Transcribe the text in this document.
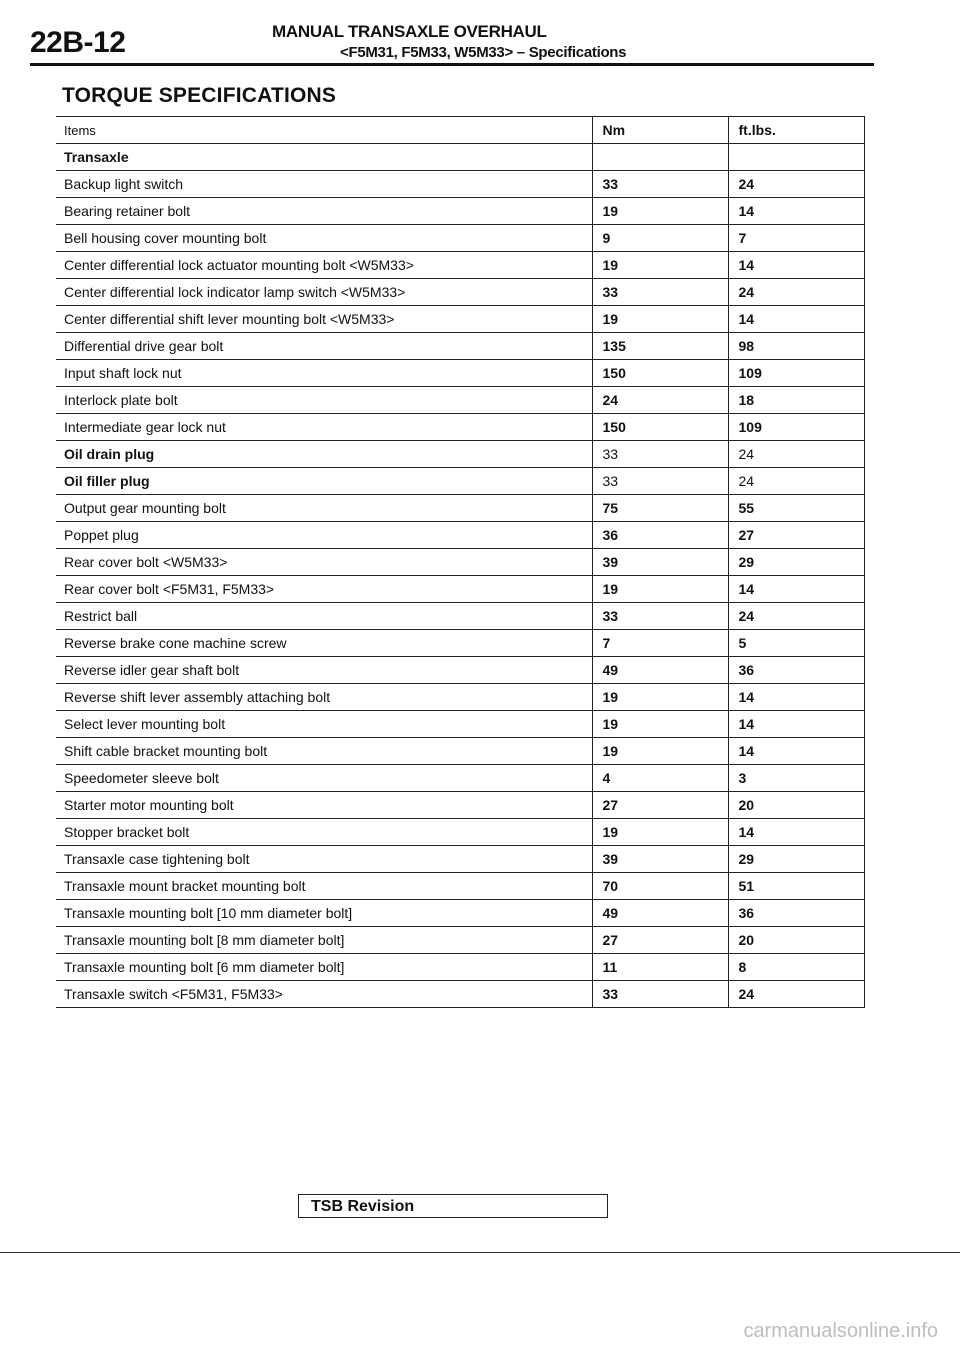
22B-12	MANUAL TRANSAXLE OVERHAUL
<F5M31, F5M33, W5M33> – Specifications
TORQUE SPECIFICATIONS
Items	Nm	ft.lbs.
Transaxle		
Backup light switch	33	24
Bearing retainer bolt	19	14
Bell housing cover mounting bolt	9	7
Center differential lock actuator mounting bolt <W5M33>	19	14
Center differential lock indicator lamp switch <W5M33>	33	24
Center differential shift lever mounting bolt <W5M33>	19	14
Differential drive gear bolt	135	98
Input shaft lock nut	150	109
Interlock plate bolt	24	18
Intermediate gear lock nut	150	109
Oil drain plug	33	24
Oil filler plug	33	24
Output gear mounting bolt	75	55
Poppet plug	36	27
Rear cover bolt <W5M33>	39	29
Rear cover bolt <F5M31, F5M33>	19	14
Restrict ball	33	24
Reverse brake cone machine screw	7	5
Reverse idler gear shaft bolt	49	36
Reverse shift lever assembly attaching bolt	19	14
Select lever mounting bolt	19	14
Shift cable bracket mounting bolt	19	14
Speedometer sleeve bolt	4	3
Starter motor mounting bolt	27	20
Stopper bracket bolt	19	14
Transaxle case tightening bolt	39	29
Transaxle mount bracket mounting bolt	70	51
Transaxle mounting bolt [10 mm diameter bolt]	49	36
Transaxle mounting bolt [8 mm diameter bolt]	27	20
Transaxle mounting bolt [6 mm diameter bolt]	11	8
Transaxle switch <F5M31, F5M33>	33	24
TSB Revision
carmanualsonline.info
